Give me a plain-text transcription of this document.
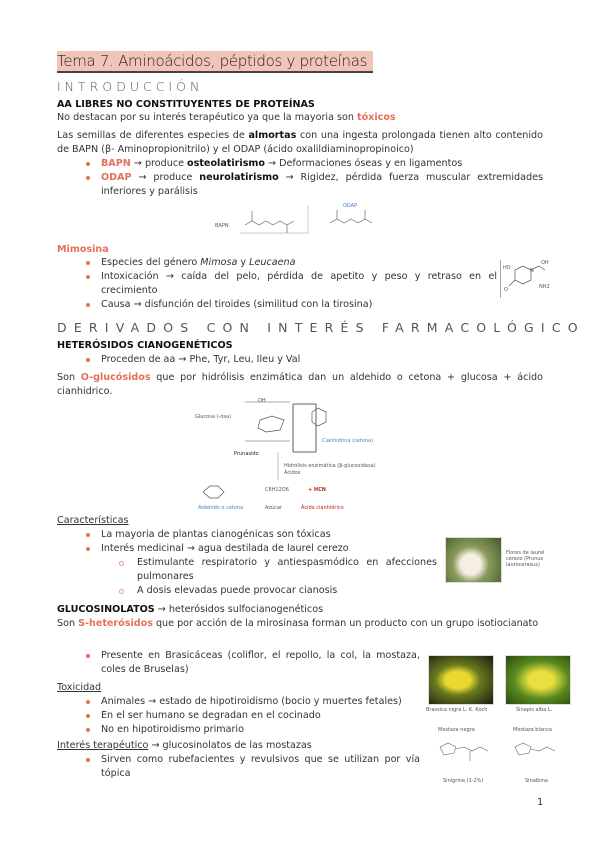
Tema 7. Aminoácidos, péptidos y proteínas
INTRODUCCIÓN
AA LIBRES NO CONSTITUYENTES DE PROTEÍNAS

No destacan por su interés terapéutico ya que la mayoria son tóxicos

Las semillas de diferentes especies de almortas con una ingesta prolongada tienen alto contenido de BAPN (β- Aminopropionitrilo) y el ODAP (ácido oxalildiaminopropinoico)

BAPN → produce osteolatirismo → Deformaciones óseas y en ligamentos
ODAP → produce neurolatirismo → Rigidez, pérdida fuerza muscular extremidades inferiores y parálisis
BAPN
ODAP
Mimosina
Especies del género Mimosa y Leucaena
Intoxicación → caída del pelo, pérdida de apetito y peso y retraso en el crecimiento
Causa → disfunción del tiroides (similitud con la tirosina)
HO	N
OH
NH2
O
DERIVADOS CON INTERÉS FARMACOLÓGICO
HETERÓSIDOS CIANOGENÉTICOS
Proceden de aa → Phe, Tyr, Leu, Ileu y Val

Son O-glucósidos que por hidrólisis enzimática dan un aldehido o cetona + glucosa + ácido cianhidrico.

Glucosa (-osa)
OH
Cianhidrina (cetona)
Prunasido
Hidrólisis enzimática (β-glucosidasa)
Ácidos
C6H12O6	+ HCN
Aldehído o cetona	Azúcar	Ácido cianhídrico
Características
La mayoria de plantas cianogénicas son tóxicas
Interés medicinal → agua destilada de laurel cerezo
Estimulante respiratorio y antiespasmódico en afecciones pulmonares
A dosis elevadas puede provocar cianosis
Flores de laurel cerezo (Prunus laurocerasus)
GLUCOSINOLATOS → heterósidos sulfocianogenéticos

Son S-heterósidos que por acción de la mirosinasa forman un producto con un grupo isotiocianato

Presente en Brasicáceas (coliflor, el repollo, la col, la mostaza, coles de Bruselas)
Toxicidad
Animales → estado de hipotiroidismo (bocio y muertes fetales)
En el ser humano se degradan en el cocinado
No en hipotiroidismo primario
Interés terapéutico → glucosinolatos de las mostazas
Sirven como rubefacientes y revulsivos que se utilizan por vía tópica
Brassica nigra L. K. Koch	Sinapis alba L.
Mostaza negra	Mostaza blanca
Sinigrina (1-2%)	Sinalbina
1
